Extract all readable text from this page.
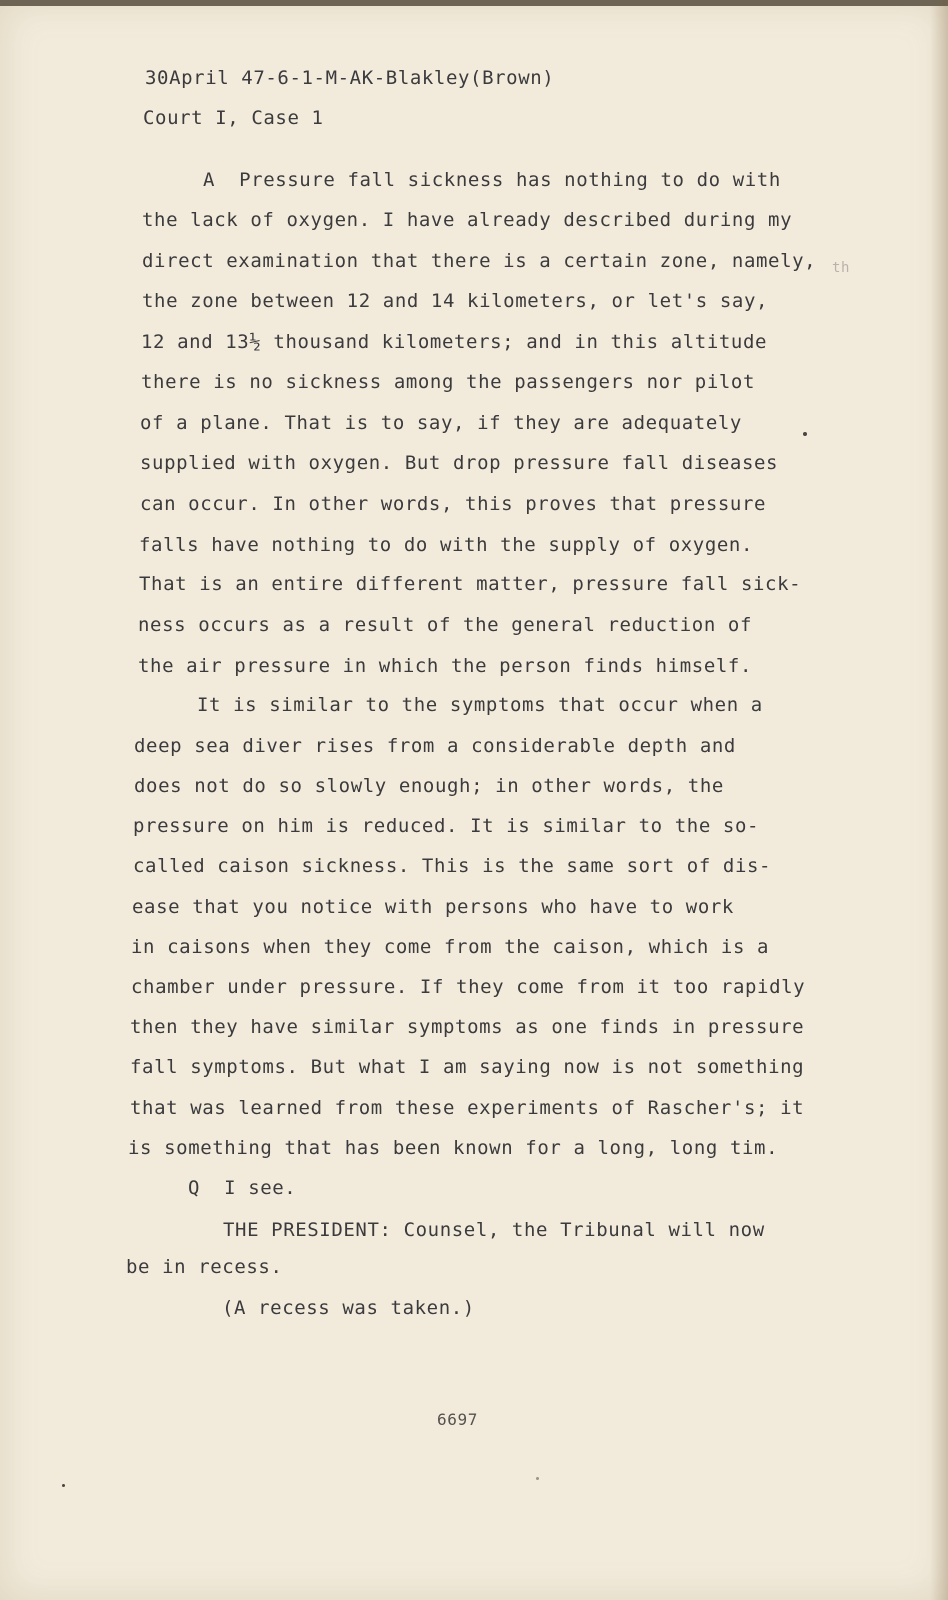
30April 47-6-1-M-AK-Blakley(Brown)
Court I, Case 1
A  Pressure fall sickness has nothing to do with
the lack of oxygen. I have already described during my
direct examination that there is a certain zone, namely, th
the zone between 12 and 14 kilometers, or let's say,
12 and 13½ thousand kilometers; and in this altitude
there is no sickness among the passengers nor pilot
of a plane. That is to say, if they are adequately
supplied with oxygen. But drop pressure fall diseases
can occur. In other words, this proves that pressure
falls have nothing to do with the supply of oxygen.
That is an entire different matter, pressure fall sick-
ness occurs as a result of the general reduction of
the air pressure in which the person finds himself.
It is similar to the symptoms that occur when a
deep sea diver rises from a considerable depth and
does not do so slowly enough; in other words, the
pressure on him is reduced. It is similar to the so-
called caison sickness. This is the same sort of dis-
ease that you notice with persons who have to work
in caisons when they come from the caison, which is a
chamber under pressure. If they come from it too rapidly
then they have similar symptoms as one finds in pressure
fall symptoms. But what I am saying now is not something
that was learned from these experiments of Rascher's; it
is something that has been known for a long, long tim.
Q  I see.
THE PRESIDENT: Counsel, the Tribunal will now
be in recess.
(A recess was taken.)
6697
